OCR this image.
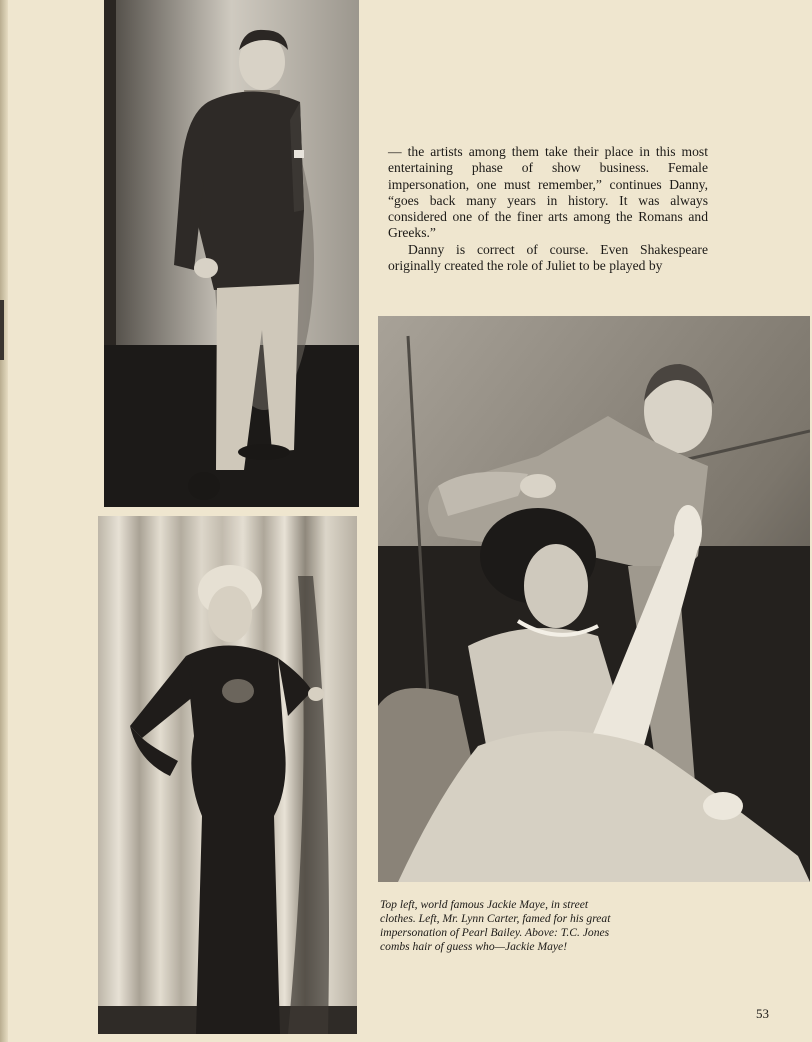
— the artists among them take their place in this most entertaining phase of show business. Female impersonation, one must remember,” continues Danny, “goes back many years in history. It was always considered one of the finer arts among the Romans and Greeks.”

Danny is correct of course. Even Shakespeare originally created the role of Juliet to be played by

Top left, world famous Jackie Maye, in street clothes. Left, Mr. Lynn Carter, famed for his great impersonation of Pearl Bailey. Above: T.C. Jones combs hair of guess who—Jackie Maye!

53
